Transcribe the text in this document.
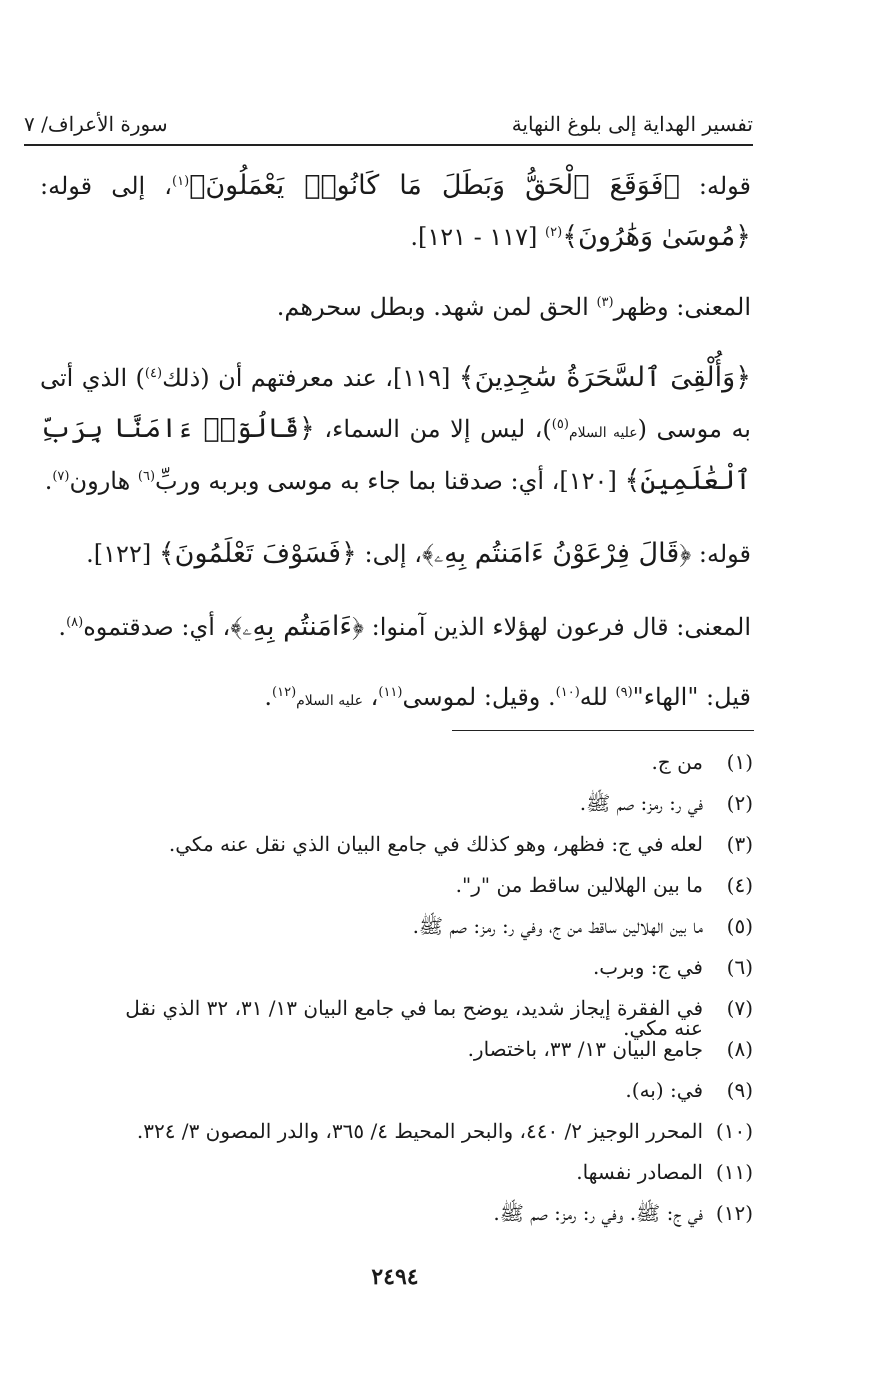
تفسير الهداية إلى بلوغ النهاية
سورة الأعراف/ ٧

قوله: ﴿فَوَقَعَ ٱلْحَقُّ وَبَطَلَ مَا كَانُوا۟ يَعْمَلُونَ﴾$^{(١)}$، إلى قوله: ﴿مُوسَىٰ وَهَٰرُونَ﴾$^{(٢)}$ [١١٧ - ١٢١].

المعنى: وظهر$^{(٣)}$ الحق لمن شهد. وبطل سحرهم.

﴿وَأُلْقِىَ ٱلسَّحَرَةُ سَٰجِدِينَ﴾ [١١٩]، عند معرفتهم أن (ذلك$^{(٤)}$) الذي أتى به موسى (عليه السلام$^{(٥)}$)، ليس إلا من السماء، ﴿قَالُوٓا۟ ءَامَنَّا بِرَبِّ ٱلْعَٰلَمِينَ﴾ [١٢٠]، أي: صدقنا بما جاء به موسى وبربه وربِّ$^{(٦)}$ هارون$^{(٧)}$.

قوله: ﴿قَالَ فِرْعَوْنُ ءَامَنتُم بِهِۦ﴾، إلى: ﴿فَسَوْفَ تَعْلَمُونَ﴾ [١٢٢].

المعنى: قال فرعون لهؤلاء الذين آمنوا: ﴿ءَامَنتُم بِهِۦ﴾، أي: صدقتموه$^{(٨)}$.

قيل: "الهاء"$^{(٩)}$ لله$^{(١٠)}$. وقيل: لموسى$^{(١١)}$، عليه السلام$^{(١٢)}$.

(١)
من ج.
(٢)
في ر: رمز: صم ﷺ.
(٣)
لعله في ج: فظهر، وهو كذلك في جامع البيان الذي نقل عنه مكي.
(٤)
ما بين الهلالين ساقط من "ر".
(٥)
ما بين الهلالين ساقط من ج، وفي ر: رمز: صم ﷺ.
(٦)
في ج: وبرب.
(٧)
في الفقرة إيجاز شديد، يوضح بما في جامع البيان ١٣/ ٣١، ٣٢ الذي نقل عنه مكي.
(٨)
جامع البيان ١٣/ ٣٣، باختصار.
(٩)
في: (به).
(١٠)
المحرر الوجيز ٢/ ٤٤٠، والبحر المحيط ٤/ ٣٦٥، والدر المصون ٣/ ٣٢٤.
(١١)
المصادر نفسها.
(١٢)
في ج: ﷺ. وفي ر: رمز: صم ﷺ.
٢٤٩٤
